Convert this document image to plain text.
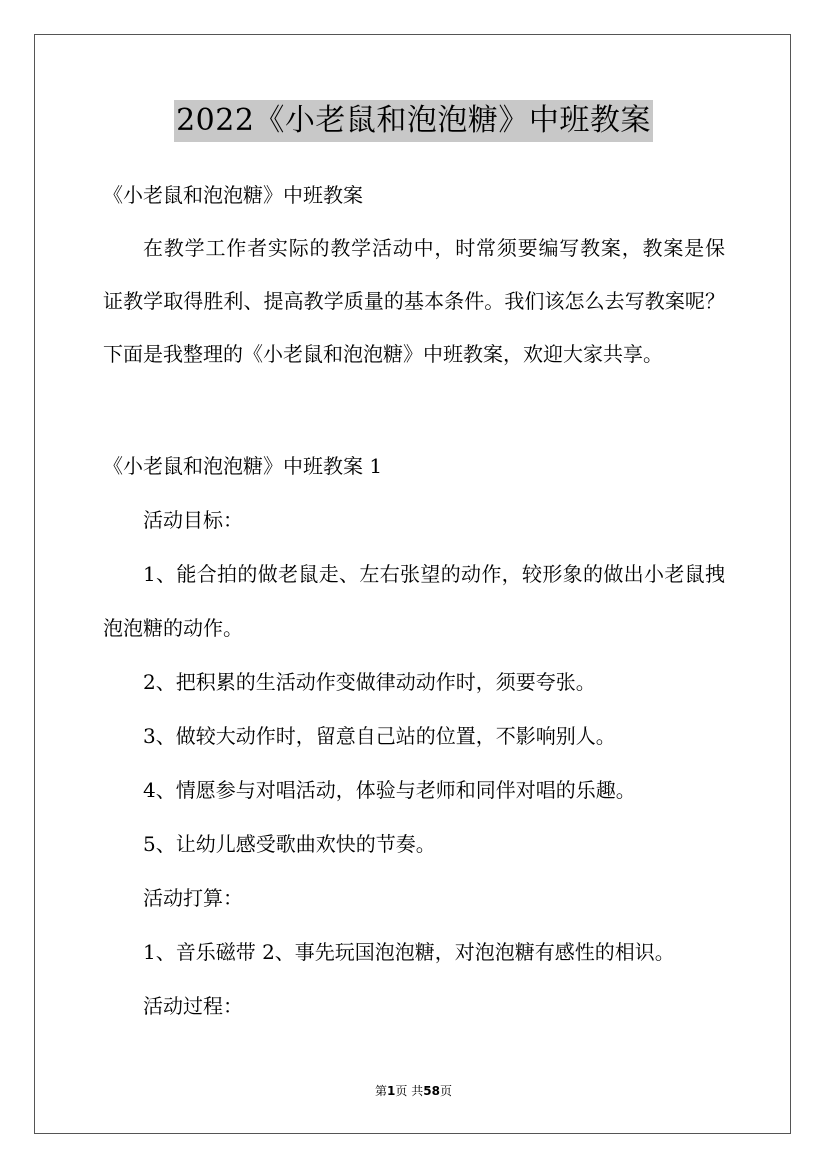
2022《小老鼠和泡泡糖》中班教案
《小老鼠和泡泡糖》中班教案
在教学工作者实际的教学活动中，时常须要编写教案，教案是保
证教学取得胜利、提高教学质量的基本条件。我们该怎么去写教案呢？
下面是我整理的《小老鼠和泡泡糖》中班教案，欢迎大家共享。
《小老鼠和泡泡糖》中班教案 1
活动目标：
1、能合拍的做老鼠走、左右张望的动作，较形象的做出小老鼠拽
泡泡糖的动作。
2、把积累的生活动作变做律动动作时，须要夸张。
3、做较大动作时，留意自己站的位置，不影响别人。
4、情愿参与对唱活动，体验与老师和同伴对唱的乐趣。
5、让幼儿感受歌曲欢快的节奏。
活动打算：
1、音乐磁带 2、事先玩国泡泡糖，对泡泡糖有感性的相识。
活动过程：
第1页 共58页
